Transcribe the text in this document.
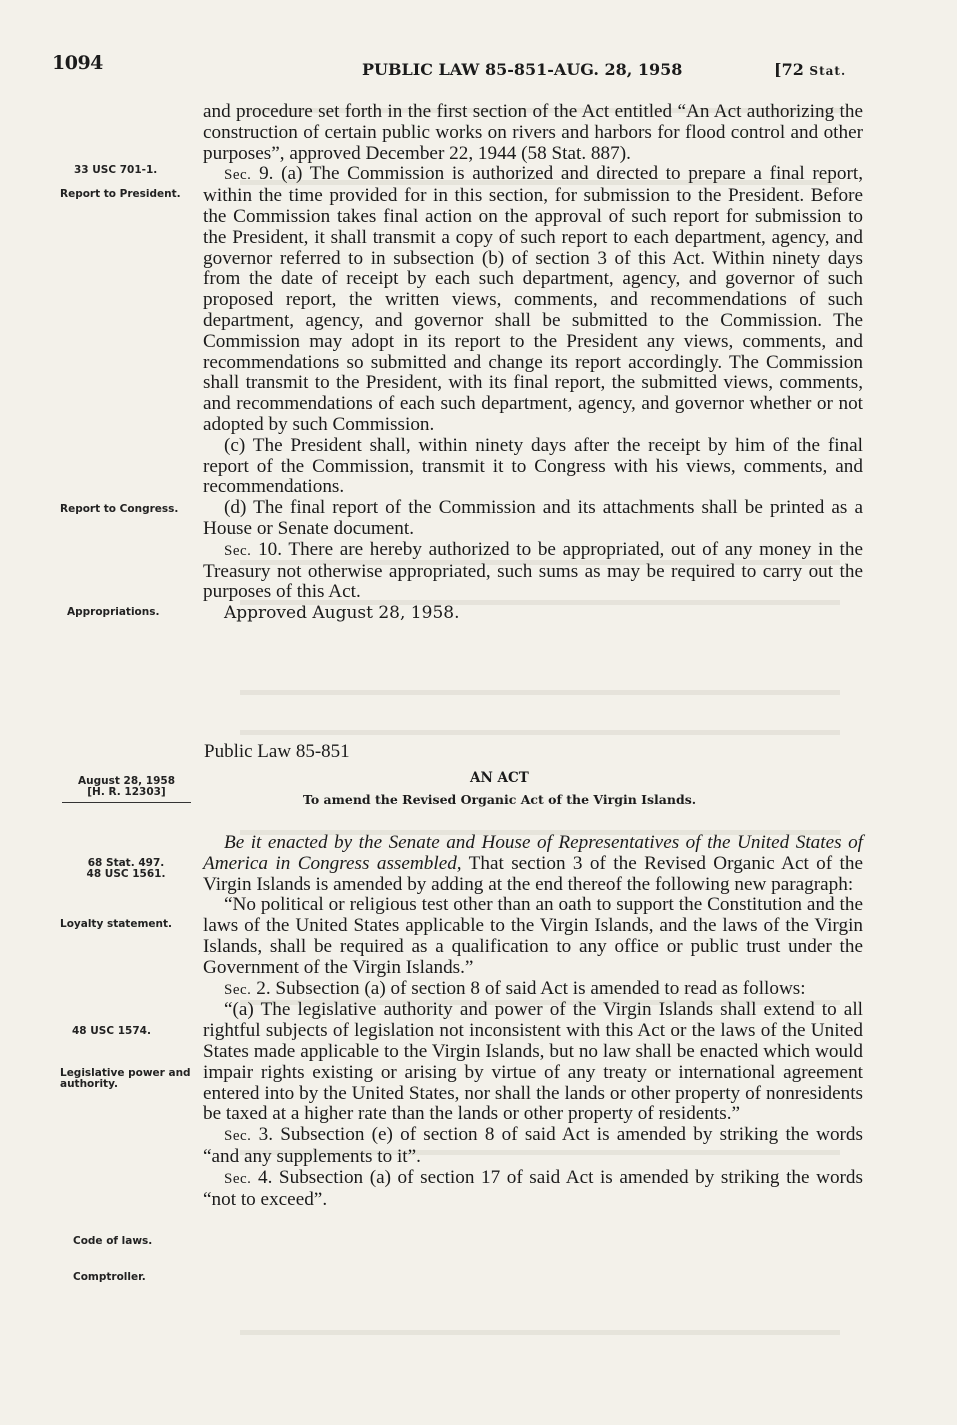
1094	PUBLIC LAW 85-851-AUG. 28, 1958	[72 Stat.
33 USC 701-1.
Report to President.
Report to Congress.
Appropriations.
August 28, 1958
[H. R. 12303]
68 Stat. 497.
48 USC 1561.
Loyalty statement.
48 USC 1574.
Legislative power and authority.
Code of laws.
Comptroller.

and procedure set forth in the first section of the Act entitled “An Act authorizing the construction of certain public works on rivers and harbors for flood control and other purposes”, approved December 22, 1944 (58 Stat. 887).

Sec. 9. (a) The Commission is authorized and directed to prepare a final report, within the time provided for in this section, for submission to the President. Before the Commission takes final action on the approval of such report for submission to the President, it shall transmit a copy of such report to each department, agency, and governor referred to in subsection (b) of section 3 of this Act. Within ninety days from the date of receipt by each such department, agency, and governor of such proposed report, the written views, comments, and recommendations of such department, agency, and governor shall be submitted to the Commission. The Commission may adopt in its report to the President any views, comments, and recommendations so submitted and change its report accordingly. The Commission shall transmit to the President, with its final report, the submitted views, comments, and recommendations of each such department, agency, and governor whether or not adopted by such Commission.

(c) The President shall, within ninety days after the receipt by him of the final report of the Commission, transmit it to Congress with his views, comments, and recommendations.

(d) The final report of the Commission and its attachments shall be printed as a House or Senate document.

Sec. 10. There are hereby authorized to be appropriated, out of any money in the Treasury not otherwise appropriated, such sums as may be required to carry out the purposes of this Act.

Approved August 28, 1958.

Public Law 85-851
AN ACT
To amend the Revised Organic Act of the Virgin Islands.

Be it enacted by the Senate and House of Representatives of the United States of America in Congress assembled, That section 3 of the Revised Organic Act of the Virgin Islands is amended by adding at the end thereof the following new paragraph:

“No political or religious test other than an oath to support the Constitution and the laws of the United States applicable to the Virgin Islands, and the laws of the Virgin Islands, shall be required as a qualification to any office or public trust under the Government of the Virgin Islands.”

Sec. 2. Subsection (a) of section 8 of said Act is amended to read as follows:

“(a) The legislative authority and power of the Virgin Islands shall extend to all rightful subjects of legislation not inconsistent with this Act or the laws of the United States made applicable to the Virgin Islands, but no law shall be enacted which would impair rights existing or arising by virtue of any treaty or international agreement entered into by the United States, nor shall the lands or other property of nonresidents be taxed at a higher rate than the lands or other property of residents.”

Sec. 3. Subsection (e) of section 8 of said Act is amended by striking the words “and any supplements to it”.

Sec. 4. Subsection (a) of section 17 of said Act is amended by striking the words “not to exceed”.
